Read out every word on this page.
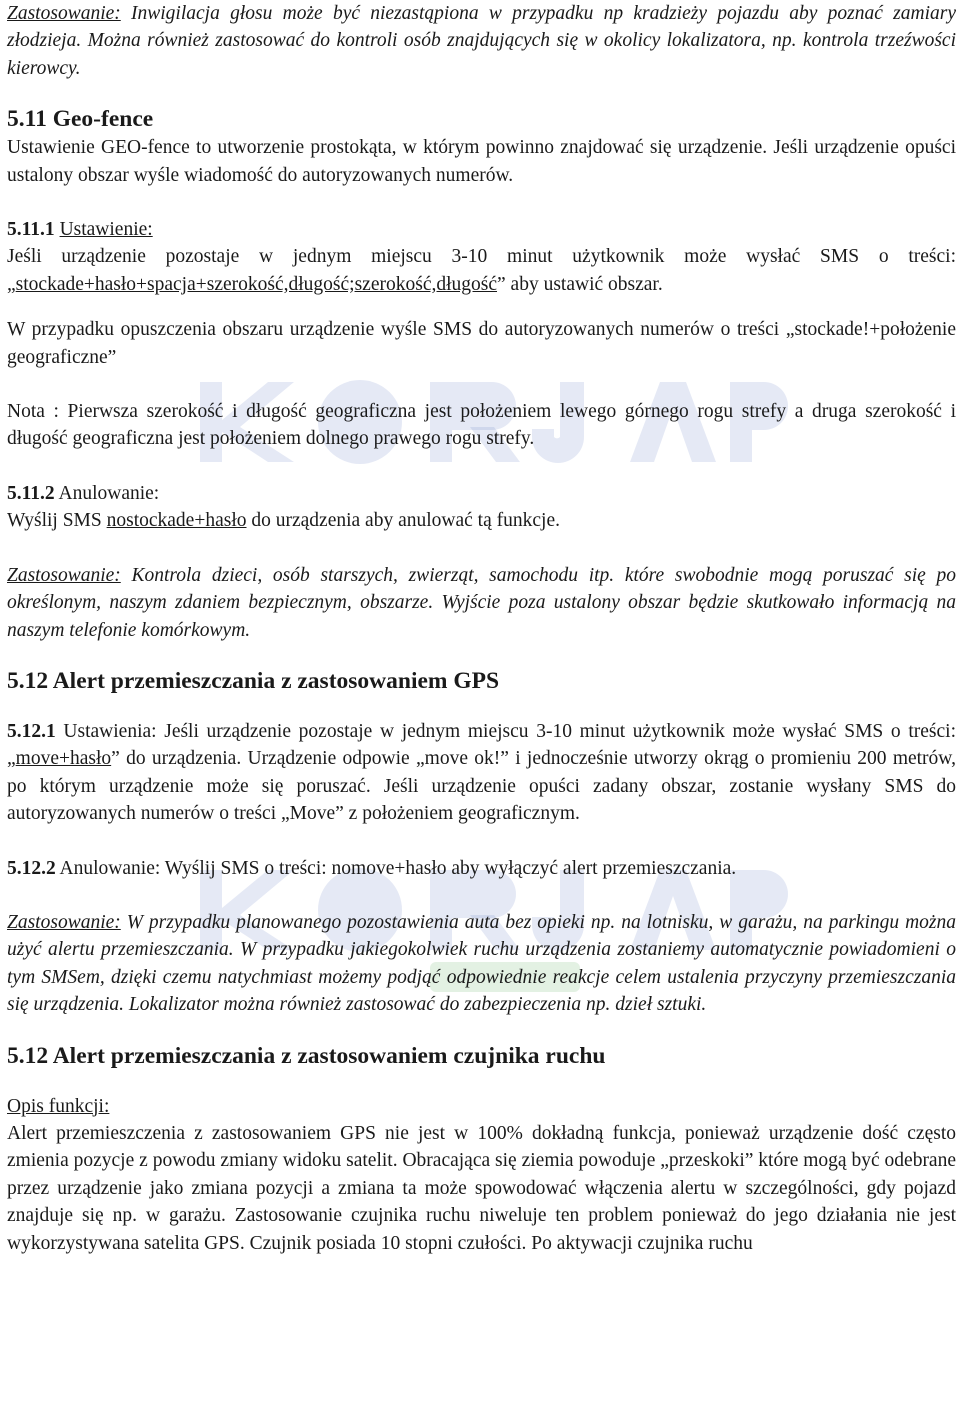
Zastosowanie: Inwigilacja głosu może być niezastąpiona w przypadku np kradzieży pojazdu aby poznać zamiary złodzieja. Można również zastosować do kontroli osób znajdujących się w okolicy lokalizatora, np. kontrola trzeźwości kierowcy.

5.11 Geo-fence

Ustawienie GEO-fence to utworzenie prostokąta, w którym powinno znajdować się urządzenie. Jeśli urządzenie opuści ustalony obszar wyśle wiadomość do autoryzowanych numerów.

5.11.1 Ustawienie:

Jeśli urządzenie pozostaje w jednym miejscu 3-10 minut użytkownik może wysłać SMS o treści: „stockade+hasło+spacja+szerokość,długość;szerokość,długość” aby ustawić obszar.

W przypadku opuszczenia obszaru urządzenie wyśle SMS do autoryzowanych numerów o treści „stockade!+położenie geograficzne”

Nota : Pierwsza szerokość i długość geograficzna jest położeniem lewego górnego rogu strefy a druga szerokość i długość geograficzna jest położeniem dolnego prawego rogu strefy.

5.11.2 Anulowanie:

Wyślij SMS nostockade+hasło do urządzenia aby anulować tą funkcje.

Zastosowanie: Kontrola dzieci, osób starszych, zwierząt, samochodu itp. które swobodnie mogą poruszać się po określonym, naszym zdaniem bezpiecznym, obszarze. Wyjście poza ustalony obszar będzie skutkowało informacją na naszym telefonie komórkowym.

5.12 Alert przemieszczania z zastosowaniem GPS

5.12.1 Ustawienia: Jeśli urządzenie pozostaje w jednym miejscu 3-10 minut użytkownik może wysłać SMS o treści: „move+hasło” do urządzenia. Urządzenie odpowie „move ok!” i jednocześnie utworzy okrąg o promieniu 200 metrów, po którym urządzenie może się poruszać. Jeśli urządzenie opuści zadany obszar, zostanie wysłany SMS do autoryzowanych numerów o treści „Move” z położeniem geograficznym.

5.12.2 Anulowanie: Wyślij SMS o treści: nomove+hasło aby wyłączyć alert przemieszczania.

Zastosowanie: W przypadku planowanego pozostawienia auta bez opieki np. na lotnisku, w garażu, na parkingu można użyć alertu przemieszczania. W przypadku jakiegokolwiek ruchu urządzenia zostaniemy automatycznie powiadomieni o tym SMSem, dzięki czemu natychmiast możemy podjąć odpowiednie reakcje celem ustalenia przyczyny przemieszczania się urządzenia. Lokalizator można również zastosować do zabezpieczenia np. dzieł sztuki.

5.12 Alert przemieszczania z zastosowaniem czujnika ruchu

Opis funkcji:

Alert przemieszczenia z zastosowaniem GPS nie jest w 100% dokładną funkcja, ponieważ urządzenie dość często zmienia pozycje z powodu zmiany widoku satelit. Obracająca się ziemia powoduje „przeskoki” które mogą być odebrane przez urządzenie jako zmiana pozycji a zmiana ta może spowodować włączenia alertu w szczególności, gdy pojazd znajduje się np. w garażu. Zastosowanie czujnika ruchu niweluje ten problem ponieważ do jego działania nie jest wykorzystywana satelita GPS. Czujnik posiada 10 stopni czułości. Po aktywacji czujnika ruchu
